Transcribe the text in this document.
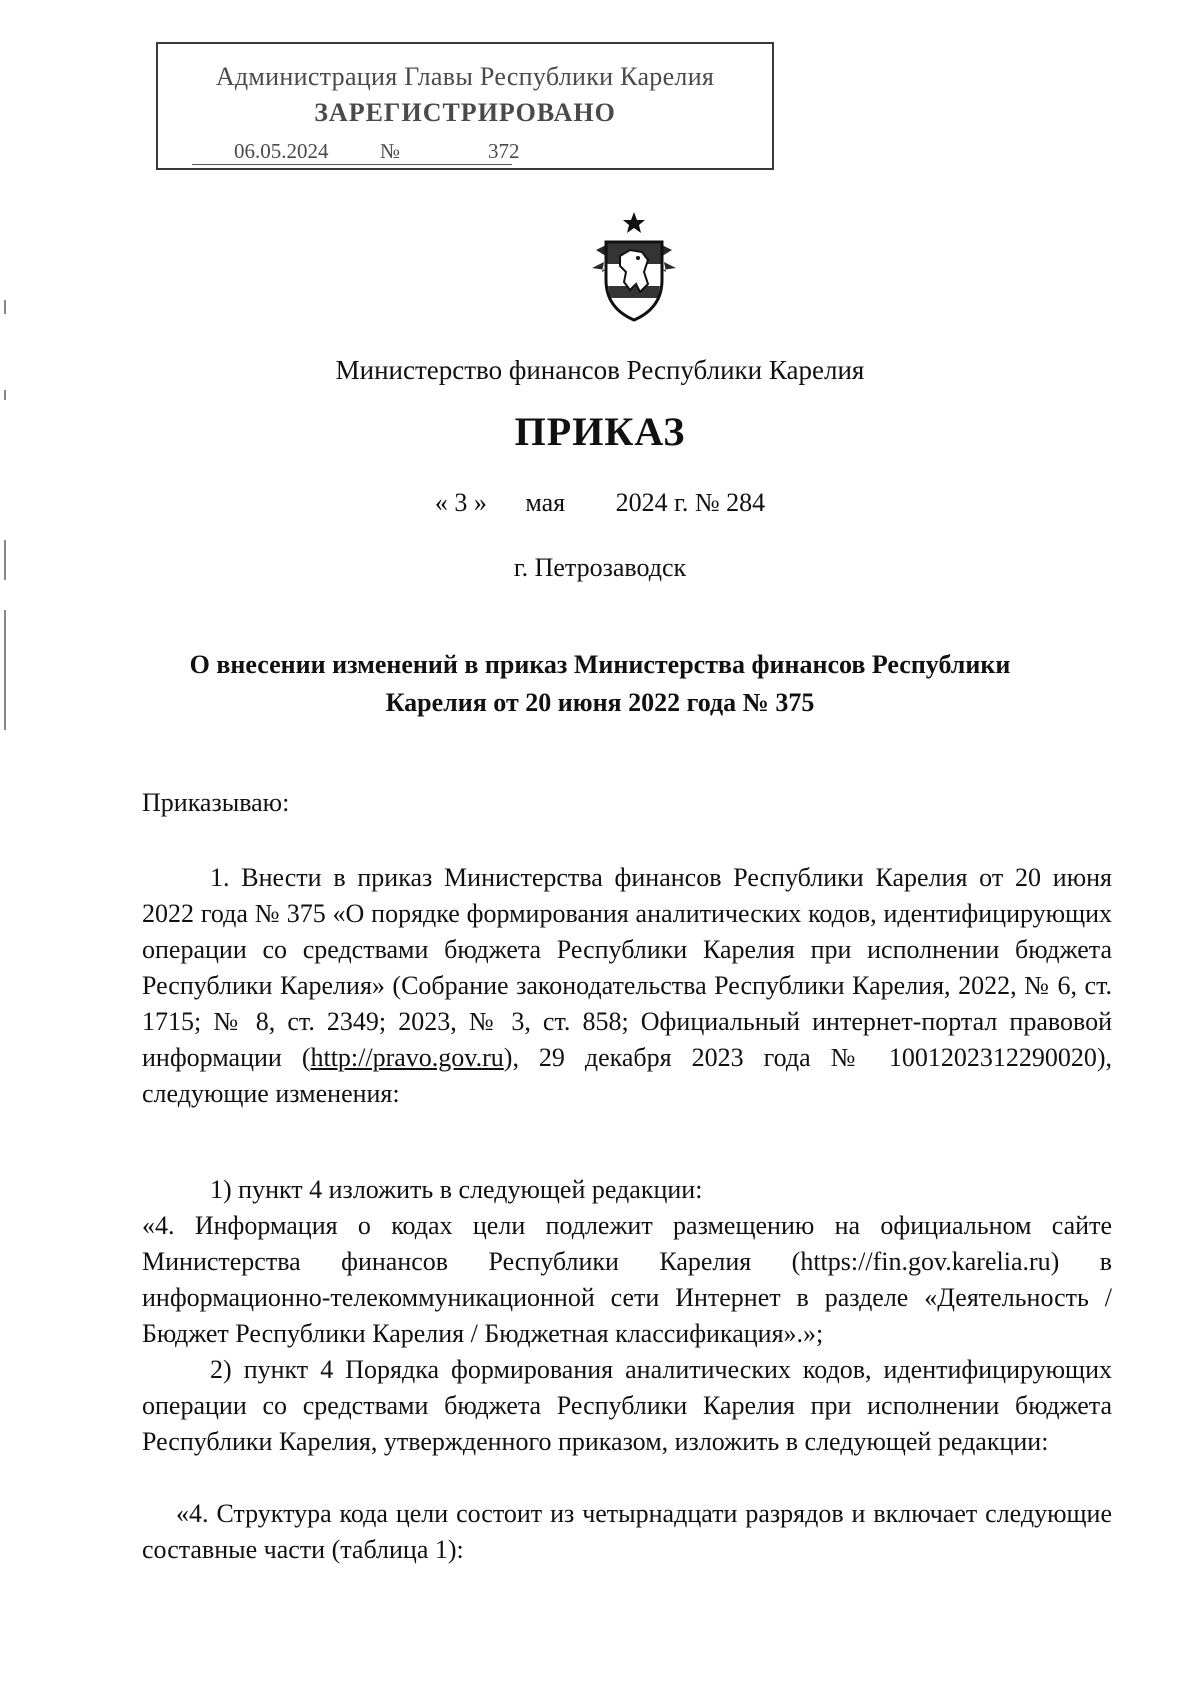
Администрация Главы Республики Карелия
ЗАРЕГИСТРИРОВАНО
06.05.2024 №	372
Министерство финансов Республики Карелия
ПРИКАЗ
« 3 » мая 2024 г. № 284
г. Петрозаводск
О внесении изменений в приказ Министерства финансов Республики
Карелия от 20 июня 2022 года № 375
Приказываю:
1. Внести в приказ Министерства финансов Республики Карелия от 20 июня 2022 года № 375 «О порядке формирования аналитических кодов, идентифицирующих операции со средствами бюджета Республики Карелия при исполнении бюджета Республики Карелия» (Собрание законодательства Республики Карелия, 2022, № 6, ст. 1715; № 8, ст. 2349; 2023, № 3, ст. 858; Официальный интернет-портал правовой информации (http://pravo.gov.ru), 29 декабря 2023 года № 1001202312290020), следующие изменения:
1) пункт 4 изложить в следующей редакции:
«4. Информация о кодах цели подлежит размещению на официальном сайте Министерства финансов Республики Карелия (https://fin.gov.karelia.ru) в информационно-телекоммуникационной сети Интернет в разделе «Деятельность / Бюджет Республики Карелия / Бюджетная классификация».»;
2) пункт 4 Порядка формирования аналитических кодов, идентифицирующих операции со средствами бюджета Республики Карелия при исполнении бюджета Республики Карелия, утвержденного приказом, изложить в следующей редакции:
«4. Структура кода цели состоит из четырнадцати разрядов и включает следующие составные части (таблица 1):
